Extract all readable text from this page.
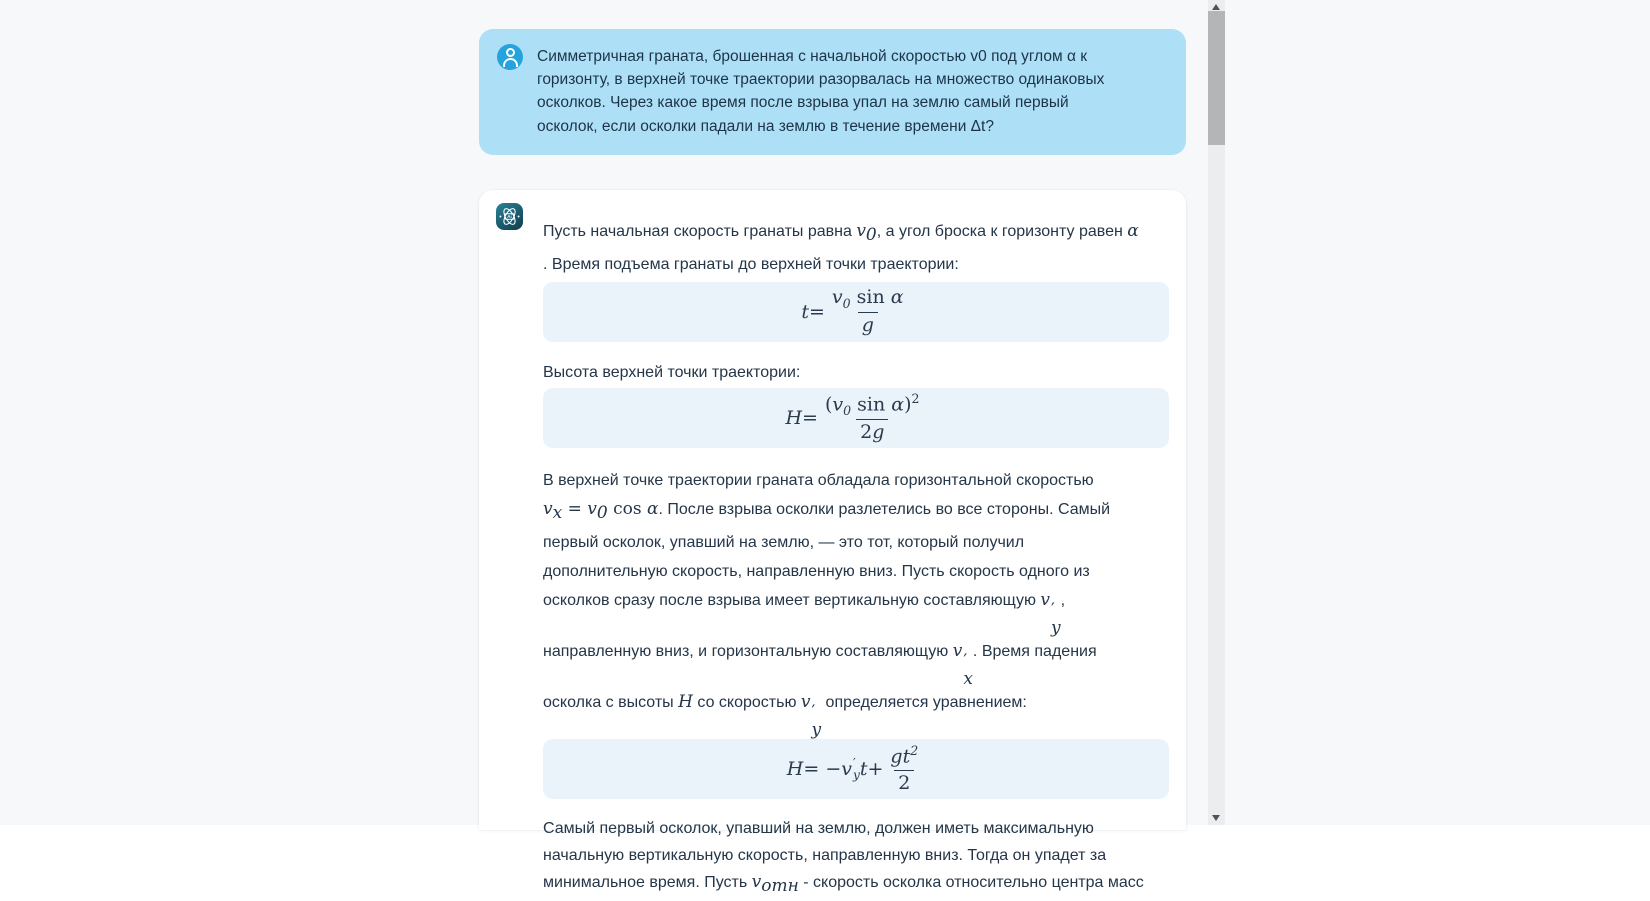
Симметричная граната, брошенная с начальной скоростью v0 под углом α к
горизонту, в верхней точке траектории разорвалась на множество одинаковых
осколков. Через какое время после взрыва упал на землю самый первый
осколок, если осколки падали на землю в течение времени Δt?
Ai
Пусть начальная скорость гранаты равна $v_0$, а угол броска к горизонту равен α
. Время подъема гранаты до верхней точки траектории:
$t = \frac{v_0 \sin \alpha}{g}$
Высота верхней точки траектории:
$H = \frac{(v_0 \sin \alpha)^2}{2g}$
В верхней точке траектории граната обладала горизонтальной скоростью
$v_x = v_0$ cos α. После взрыва осколки разлетелись во все стороны. Самый
первый осколок, упавший на землю, — это тот, который получил
дополнительную скорость, направленную вниз. Пусть скорость одного из
осколков сразу после взрыва имеет вертикальную составляющую v ′
y
,
направленную вниз, и горизонтальную составляющую v ′
x
. Время падения
осколка с высоты H со скоростью v ′
y
определяется уравнением:
H = − v ′
y $t + \frac{gt^2}{2}$
Самый первый осколок, упавший на землю, должен иметь максимальную
начальную вертикальную скорость, направленную вниз. Тогда он упадет за
минимальное время. Пусть $v_{отн}$ - скорость осколка относительно центра масс
